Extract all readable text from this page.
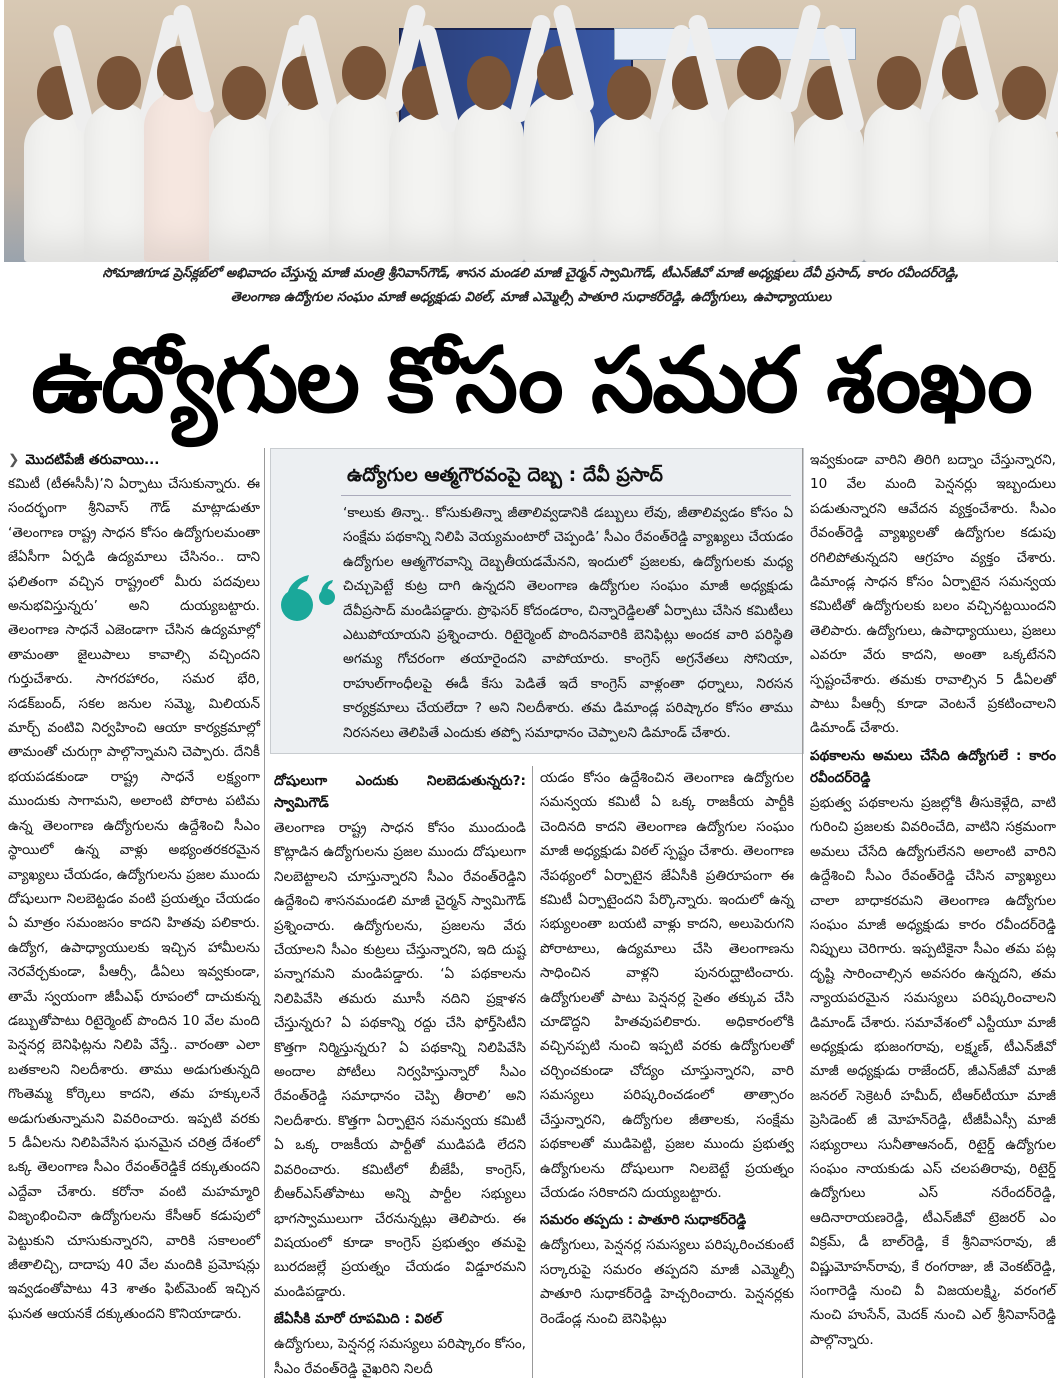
సోమాజిగూడ ప్రెస్‌క్లబ్‌లో అభివాదం చేస్తున్న మాజీ మంత్రి శ్రీనివాస్‌గౌడ్‌, శాసన మండలి మాజీ చైర్మన్‌ స్వామిగౌడ్‌, టీఎన్‌జీవో మాజీ అధ్యక్షులు దేవీ ప్రసాద్‌, కారం రవీందర్‌రెడ్డి,
తెలంగాణ ఉద్యోగుల సంఘం మాజీ అధ్యక్షుడు విఠల్‌, మాజీ ఎమ్మెల్సీ పాతూరి సుధాకర్‌రెడ్డి, ఉద్యోగులు, ఉపాధ్యాయులు
ఉద్యోగుల కోసం సమర శంఖం
❯ మొదటిపేజీ తరువాయి...

కమిటీ (టీఈసీసీ)’ని ఏర్పాటు చేసుకున్నారు. ఈ సందర్భంగా శ్రీనివాస్ గౌడ్ మాట్లాడుతూ ‘తెలంగాణ రాష్ట్ర సాధన కోసం ఉద్యోగులమంతా జేఏసీగా ఏర్పడి ఉద్యమాలు చేసినం.. దాని ఫలితంగా వచ్చిన రాష్ట్రంలో మీరు పదవులు అనుభవిస్తున్నరు’ అని దుయ్యబట్టారు. తెలంగాణ సాధనే ఎజెండాగా చేసిన ఉద్యమాల్లో తామంతా జైలుపాలు కావాల్సి వచ్చిందని గుర్తుచేశారు. సాగరహారం, సమర భేరి, సడక్‌బంద్, సకల జనుల సమ్మె, మిలియన్ మార్చ్ వంటివి నిర్వహించి ఆయా కార్యక్రమాల్లో తామంతో చురుగ్గా పాల్గొన్నామని చెప్పారు. దేనికీ భయపడకుండా రాష్ట్ర సాధనే లక్ష్యంగా ముందుకు సాగామని, అలాంటి పోరాట పటిమ ఉన్న తెలంగాణ ఉద్యోగులను ఉద్దేశించి సీఎం స్థాయిలో ఉన్న వాళ్లు అభ్యంతరకరమైన వ్యాఖ్యలు చేయడం, ఉద్యోగులను ప్రజల ముందు దోషులుగా నిలబెట్టడం వంటి ప్రయత్నం చేయడం ఏ మాత్రం సమంజసం కాదని హితవు పలికారు. ఉద్యోగ, ఉపాధ్యాయులకు ఇచ్చిన హామీలను నెరవేర్చకుండా, పీఆర్సీ, డీఏలు ఇవ్వకుండా, తామే స్వయంగా జీపీఎఫ్ రూపంలో దాచుకున్న డబ్బుతోపాటు రిటైర్మెంట్ పొందిన 10 వేల మంది పెన్షనర్ల బెనిఫిట్లను నిలిపి వేస్తే.. వారంతా ఎలా బతకాలని నిలదీశారు. తాము అడుగుతున్నది గొంతెమ్మ కోర్కెలు కాదని, తమ హక్కులనే అడుగుతున్నామని వివరించారు. ఇప్పటి వరకు 5 డీఏలను నిలిపివేసిన ఘనమైన చరిత్ర దేశంలో ఒక్క తెలంగాణ సీఎం రేవంత్‌రెడ్డికే దక్కుతుందని ఎద్దేవా చేశారు. కరోనా వంటి మహమ్మారి విజృంభించినా ఉద్యోగులను కేసీఆర్ కడుపులో పెట్టుకుని చూసుకున్నారని, వారికి సకాలంలో జీతాలిచ్చి, దాదాపు 40 వేల మందికి ప్రమోషన్లు ఇవ్వడంతోపాటు 43 శాతం ఫిట్‌మెంట్ ఇచ్చిన ఘనత ఆయనకే దక్కుతుందని కొనియాడారు.

ఉద్యోగుల ఆత్మగౌరవంపై దెబ్బ : దేవీ ప్రసాద్
‘కాలుకు తిన్నా.. కోసుకుతిన్నా జీతాలివ్వడానికి డబ్బులు లేవు, జీతాలివ్వడం కోసం ఏ సంక్షేమ పథకాన్ని నిలిపి వెయ్యమంటారో చెప్పండి’ సీఎం రేవంత్‌రెడ్డి వ్యాఖ్యలు చేయడం ఉద్యోగుల ఆత్మగౌరవాన్ని దెబ్బతీయడమేనని, ఇందులో ప్రజలకు, ఉద్యోగులకు మధ్య చిచ్చుపెట్టే కుట్ర దాగి ఉన్నదని తెలంగాణ ఉద్యోగుల సంఘం మాజీ అధ్యక్షుడు దేవీప్రసాద్ మండిపడ్డారు. ప్రొఫెసర్ కోదండరాం, చిన్నారెడ్డిలతో ఏర్పాటు చేసిన కమిటీలు ఎటుపోయాయని ప్రశ్నించారు. రిటైర్మెంట్ పొందినవారికి బెనిఫిట్లు అందక వారి పరిస్థితి అగమ్య గోచరంగా తయారైందని వాపోయారు. కాంగ్రెస్ అగ్రనేతలు సోనియా, రాహుల్‌గాంధీలపై ఈడీ కేసు పెడితే ఇదే కాంగ్రెస్ వాళ్లంతా ధర్నాలు, నిరసన కార్యక్రమాలు చేయలేదా ? అని నిలదీశారు. తమ డిమాండ్ల పరిష్కారం కోసం తాము నిరసనలు తెలిపితే ఎందుకు తప్పో సమాధానం చెప్పాలని డిమాండ్ చేశారు.
దోషులుగా ఎందుకు నిలబెడుతున్నరు?: స్వామిగౌడ్

తెలంగాణ రాష్ట్ర సాధన కోసం ముందుండి కొట్లాడిన ఉద్యోగులను ప్రజల ముందు దోషులుగా నిలబెట్టాలని చూస్తున్నారని సీఎం రేవంత్‌రెడ్డిని ఉద్దేశించి శాసనమండలి మాజీ చైర్మన్ స్వామిగౌడ్ ప్రశ్నించారు. ఉద్యోగులను, ప్రజలను వేరు చేయాలని సీఎం కుట్రలు చేస్తున్నారని, ఇది దుష్ట పన్నాగమని మండిపడ్డారు. ‘ఏ పథకాలను నిలిపివేసి తమరు మూసీ నదిని ప్రక్షాళన చేస్తున్నరు? ఏ పథకాన్ని రద్దు చేసి ఫోర్త్‌సిటీని కొత్తగా నిర్మిస్తున్నరు? ఏ పథకాన్ని నిలిపివేసి అందాల పోటీలు నిర్వహిస్తున్నారో సీఎం రేవంత్‌రెడ్డి సమాధానం చెప్పి తీరాలి’ అని నిలదీశారు. కొత్తగా ఏర్పాటైన సమన్వయ కమిటీ ఏ ఒక్క రాజకీయ పార్టీతో ముడిపడి లేదని వివరించారు. కమిటీలో బీజేపీ, కాంగ్రెస్, బీఆర్ఎస్‌తోపాటు అన్ని పార్టీల సభ్యులు భాగస్వాములుగా చేరనున్నట్లు తెలిపారు. ఈ విషయంలో కూడా కాంగ్రెస్ ప్రభుత్వం తమపై బురదజల్లే ప్రయత్నం చేయడం విడ్డూరమని మండిపడ్డారు.

జేఏసీకి మారో రూపమిది : విఠల్

ఉద్యోగులు, పెన్షనర్ల సమస్యలు పరిష్కారం కోసం, సీఎం రేవంత్‌రెడ్డి వైఖరిని నిలదీ

యడం కోసం ఉద్దేశించిన తెలంగాణ ఉద్యోగుల సమన్వయ కమిటీ ఏ ఒక్క రాజకీయ పార్టీకి చెందినది కాదని తెలంగాణ ఉద్యోగుల సంఘం మాజీ అధ్యక్షుడు విఠల్ స్పష్టం చేశారు. తెలంగాణ నేపథ్యంలో ఏర్పాటైన జేఏసీకి ప్రతిరూపంగా ఈ కమిటీ ఏర్పాటైందని పేర్కొన్నారు. ఇందులో ఉన్న సభ్యులంతా బయటి వాళ్లు కాదని, అలుపెరుగని పోరాటాలు, ఉద్యమాలు చేసి తెలంగాణను సాధించిన వాళ్లని పునరుద్ఘాటించారు. ఉద్యోగులతో పాటు పెన్షనర్ల సైతం తక్కువ చేసి చూడొద్దని హితవుపలికారు. అధికారంలోకి వచ్చినప్పటి నుంచి ఇప్పటి వరకు ఉద్యోగులతో చర్చించకుండా చోద్యం చూస్తున్నారని, వారి సమస్యలు పరిష్కరించడంలో తాత్సారం చేస్తున్నారని, ఉద్యోగుల జీతాలకు, సంక్షేమ పథకాలతో ముడిపెట్టి, ప్రజల ముందు ప్రభుత్వ ఉద్యోగులను దోషులుగా నిలబెట్టే ప్రయత్నం చేయడం సరికాదని దుయ్యబట్టారు.

సమరం తప్పదు : పాతూరి సుధాకర్‌రెడ్డి

ఉద్యోగులు, పెన్షనర్ల సమస్యలు పరిష్కరించకుంటే సర్కారుపై సమరం తప్పదని మాజీ ఎమ్మెల్సీ పాతూరి సుధాకర్‌రెడ్డి హెచ్చరించారు. పెన్షనర్లకు రెండేండ్ల నుంచి బెనిఫిట్లు

ఇవ్వకుండా వారిని తిరిగి బద్నాం చేస్తున్నారని, 10 వేల మంది పెన్షనర్లు ఇబ్బందులు పడుతున్నారని ఆవేదన వ్యక్తంచేశారు. సీఎం రేవంత్‌రెడ్డి వ్యాఖ్యలతో ఉద్యోగుల కడుపు రగిలిపోతున్నదని ఆగ్రహం వ్యక్తం చేశారు. డిమాండ్ల సాధన కోసం ఏర్పాటైన సమన్వయ కమిటీతో ఉద్యోగులకు బలం వచ్చినట్టయిందని తెలిపారు. ఉద్యోగులు, ఉపాధ్యాయులు, ప్రజలు ఎవరూ వేరు కాదని, అంతా ఒక్కటేనని స్పష్టంచేశారు. తమకు రావాల్సిన 5 డీఏలతో పాటు పీఆర్సీ కూడా వెంటనే ప్రకటించాలని డిమాండ్ చేశారు.

పథకాలను అమలు చేసేది ఉద్యోగులే : కారం రవీందర్‌రెడ్డి

ప్రభుత్వ పథకాలను ప్రజల్లోకి తీసుకెళ్లేది, వాటి గురించి ప్రజలకు వివరించేది, వాటిని సక్రమంగా అమలు చేసేది ఉద్యోగులేనని అలాంటి వారిని ఉద్దేశించి సీఎం రేవంత్‌రెడ్డి చేసిన వ్యాఖ్యలు చాలా బాధాకరమని తెలంగాణ ఉద్యోగుల సంఘం మాజీ అధ్యక్షుడు కారం రవీందర్‌రెడ్డి నిప్పులు చెరిగారు. ఇప్పటికైనా సీఎం తమ పట్ల దృష్టి సారించాల్సిన అవసరం ఉన్నదని, తమ న్యాయపరమైన సమస్యలు పరిష్కరించాలని డిమాండ్ చేశారు. సమావేశంలో ఎస్టీయూ మాజీ అధ్యక్షుడు భుజంగరావు, లక్ష్మణ్, టీఎన్‌జీవో మాజీ అధ్యక్షుడు రాజేందర్, జీఎన్‌జీవో మాజీ జనరల్ సెక్రెటరీ హమీద్, టీఆర్‌టీయూ మాజీ ప్రెసిడెంట్ జీ మోహన్‌రెడ్డి, టీజీపీఎస్సీ మాజీ సభ్యురాలు సునీతాఆనంద్, రిటైర్డ్ ఉద్యోగుల సంఘం నాయకుడు ఎస్ చలపతిరావు, రిటైర్డ్ ఉద్యోగులు ఎస్ నరేందర్‌రెడ్డి, ఆదినారాయణరెడ్డి, టీఎన్‌జీవో ట్రెజరర్ ఎం విక్రమ్, డీ బాల్‌రెడ్డి, కే శ్రీనివాసరావు, జీ విష్ణుమోహన్‌రావు, కే రంగరాజు, జీ వెంకట్‌రెడ్డి, సంగారెడ్డి నుంచి వీ విజయలక్ష్మి, వరంగల్ నుంచి హుసేన్, మెదక్ నుంచి ఎల్ శ్రీనివాస్‌రెడ్డి పాల్గొన్నారు.
